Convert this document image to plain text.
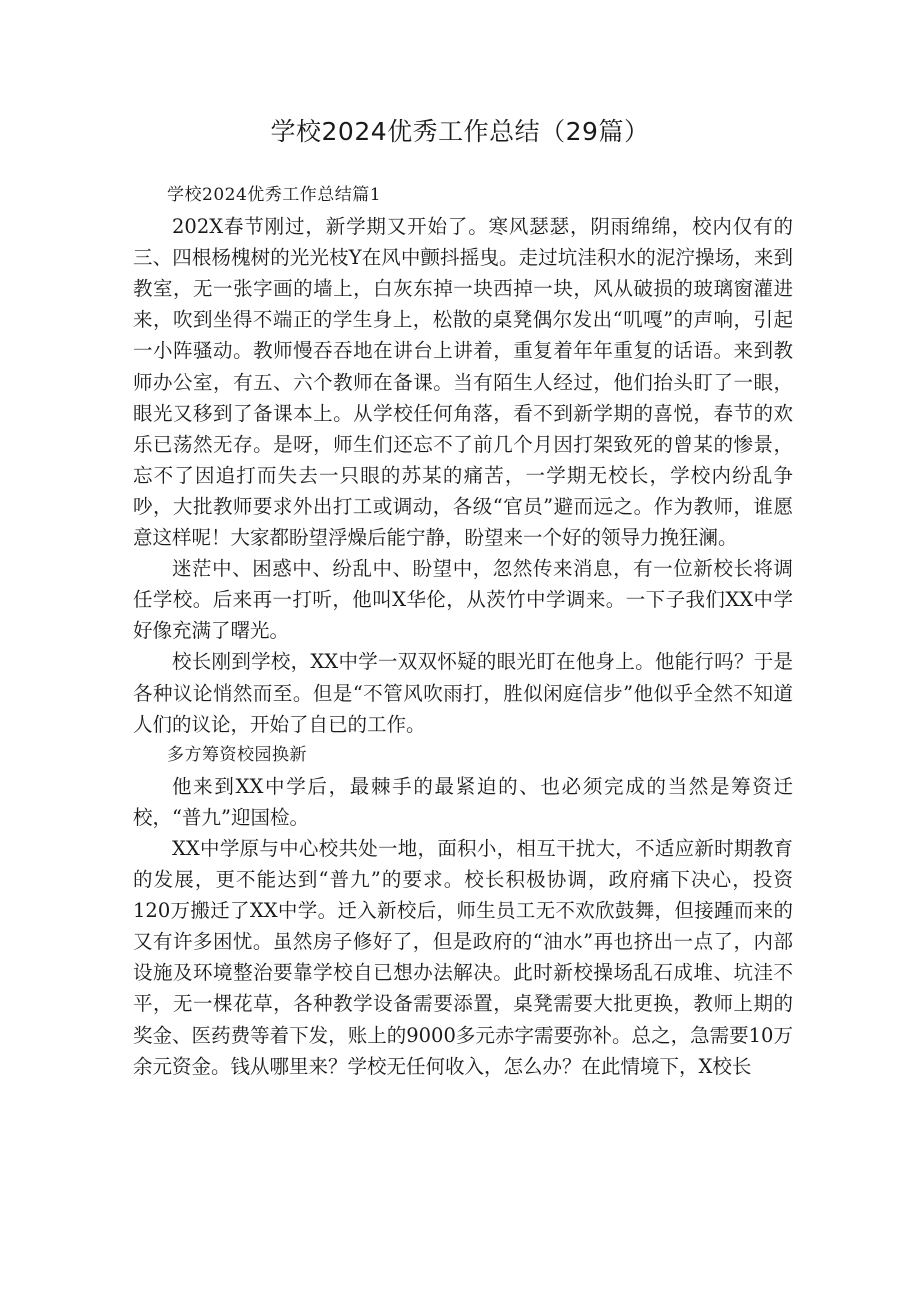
学校2024优秀工作总结（29篇）

学校2024优秀工作总结篇1

202X春节刚过，新学期又开始了。寒风瑟瑟，阴雨绵绵，校内仅有的三、四根杨槐树的光光枝Y在风中颤抖摇曳。走过坑洼积水的泥泞操场，来到教室，无一张字画的墙上，白灰东掉一块西掉一块，风从破损的玻璃窗灌进来，吹到坐得不端正的学生身上，松散的桌凳偶尔发出“叽嘎”的声响，引起一小阵骚动。教师慢吞吞地在讲台上讲着，重复着年年重复的话语。来到教师办公室，有五、六个教师在备课。当有陌生人经过，他们抬头盯了一眼，眼光又移到了备课本上。从学校任何角落，看不到新学期的喜悦，春节的欢乐已荡然无存。是呀，师生们还忘不了前几个月因打架致死的曾某的惨景，忘不了因追打而失去一只眼的苏某的痛苦，一学期无校长，学校内纷乱争吵，大批教师要求外出打工或调动，各级“官员”避而远之。作为教师，谁愿意这样呢！大家都盼望浮燥后能宁静，盼望来一个好的领导力挽狂澜。

迷茫中、困惑中、纷乱中、盼望中，忽然传来消息，有一位新校长将调任学校。后来再一打听，他叫X华伦，从茨竹中学调来。一下子我们XX中学好像充满了曙光。

校长刚到学校，XX中学一双双怀疑的眼光盯在他身上。他能行吗？于是各种议论悄然而至。但是“不管风吹雨打，胜似闲庭信步”他似乎全然不知道人们的议论，开始了自已的工作。

多方筹资校园换新

他来到XX中学后，最棘手的最紧迫的、也必须完成的当然是筹资迁校，“普九”迎国检。

XX中学原与中心校共处一地，面积小，相互干扰大，不适应新时期教育的发展，更不能达到“普九”的要求。校长积极协调，政府痛下决心，投资120万搬迁了XX中学。迁入新校后，师生员工无不欢欣鼓舞，但接踵而来的又有许多困忧。虽然房子修好了，但是政府的“油水”再也挤出一点了，内部设施及环境整治要靠学校自已想办法解决。此时新校操场乱石成堆、坑洼不平，无一棵花草，各种教学设备需要添置，桌凳需要大批更换，教师上期的奖金、医药费等着下发，账上的9000多元赤字需要弥补。总之，急需要10万余元资金。钱从哪里来？学校无任何收入，怎么办？在此情境下，X校长
